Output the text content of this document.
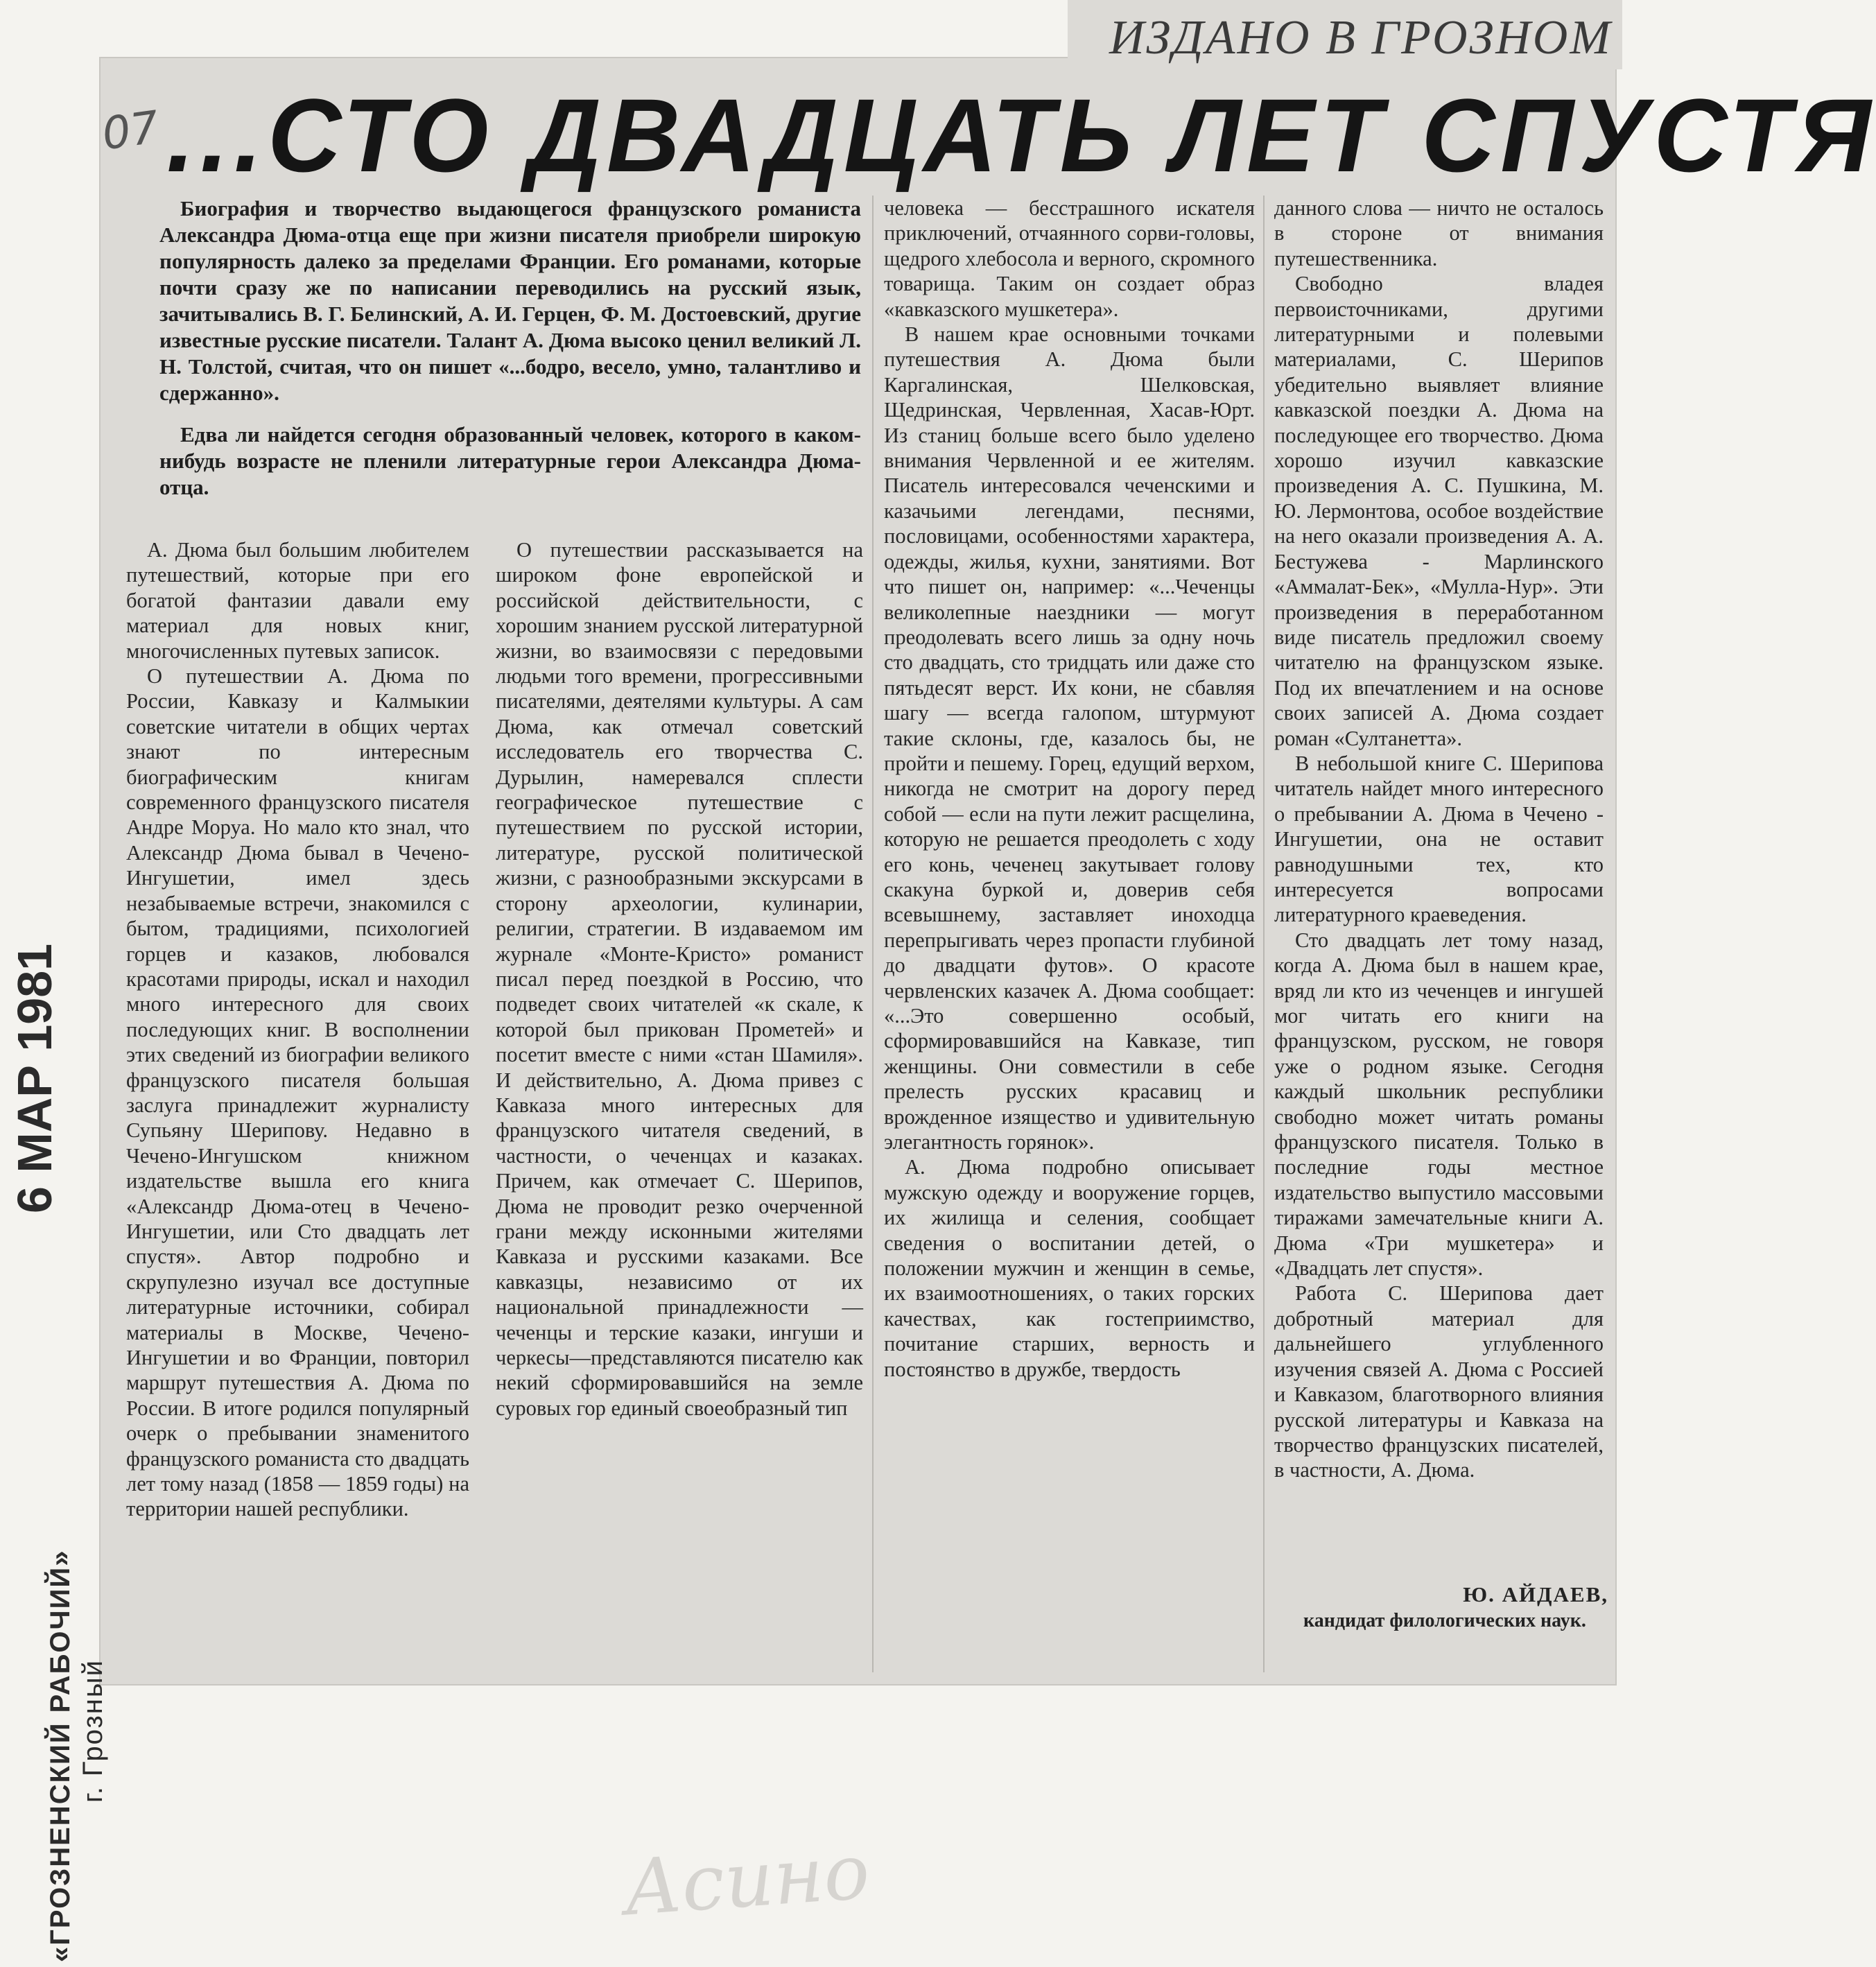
ИЗДАНО В ГРОЗНОМ
07 ...СТО ДВАДЦАТЬ ЛЕТ СПУСТЯ

Биография и творчество выдающегося французского романиста Александра Дюма-отца еще при жизни писателя приобрели широкую популярность далеко за пределами Франции. Его романами, которые почти сразу же по написании переводились на русский язык, зачитывались В. Г. Белинский, А. И. Герцен, Ф. М. Достоевский, другие известные русские писатели. Талант А. Дюма высоко ценил великий Л. Н. Толстой, считая, что он пишет «...бодро, весело, умно, талантливо и сдержанно».

Едва ли найдется сегодня образованный человек, которого в каком-нибудь возрасте не пленили литературные герои Александра Дюма-отца.

А. Дюма был большим любителем путешествий, которые при его богатой фантазии давали ему материал для новых книг, многочисленных путевых записок.

О путешествии А. Дюма по России, Кавказу и Калмыкии советские читатели в общих чертах знают по интересным биографическим книгам современного французского писателя Андре Моруа. Но мало кто знал, что Александр Дюма бывал в Чечено-Ингушетии, имел здесь незабываемые встречи, знакомился с бытом, традициями, психологией горцев и казаков, любовался красотами природы, искал и находил много интересного для своих последующих книг. В восполнении этих сведений из биографии великого французского писателя большая заслуга принадлежит журналисту Супьяну Шерипову. Недавно в Чечено-Ингушском книжном издательстве вышла его книга «Александр Дюма-отец в Чечено-Ингушетии, или Сто двадцать лет спустя». Автор подробно и скрупулезно изучал все доступные литературные источники, собирал материалы в Москве, Чечено-Ингушетии и во Франции, повторил маршрут путешествия А. Дюма по России. В итоге родился популярный очерк о пребывании знаменитого французского романиста сто двадцать лет тому назад (1858 — 1859 годы) на территории нашей республики.

О путешествии рассказывается на широком фоне европейской и российской действительности, с хорошим знанием русской литературной жизни, во взаимосвязи с передовыми людьми того времени, прогрессивными писателями, деятелями культуры. А сам Дюма, как отмечал советский исследователь его творчества С. Дурылин, намеревался сплести географическое путешествие с путешествием по русской истории, литературе, русской политической жизни, с разнообразными экскурсами в сторону археологии, кулинарии, религии, стратегии. В издаваемом им журнале «Монте-Кристо» романист писал перед поездкой в Россию, что подведет своих читателей «к скале, к которой был прикован Прометей» и посетит вместе с ними «стан Шамиля». И действительно, А. Дюма привез с Кавказа много интересных для французского читателя сведений, в частности, о чеченцах и казаках. Причем, как отмечает С. Шерипов, Дюма не проводит резко очерченной грани между исконными жителями Кавказа и русскими казаками. Все кавказцы, независимо от их национальной принадлежности — чеченцы и терские казаки, ингуши и черкесы—представляются писателю как некий сформировавшийся на земле суровых гор единый своеобразный тип

человека — бесстрашного искателя приключений, отчаянного сорви-головы, щедрого хлебосола и верного, скромного товарища. Таким он создает образ «кавказского мушкетера».

В нашем крае основными точками путешествия А. Дюма были Каргалинская, Шелковская, Щедринская, Червленная, Хасав-Юрт. Из станиц больше всего было уделено внимания Червленной и ее жителям. Писатель интересовался чеченскими и казачьими легендами, песнями, пословицами, особенностями характера, одежды, жилья, кухни, занятиями. Вот что пишет он, например: «...Чеченцы великолепные наездники — могут преодолевать всего лишь за одну ночь сто двадцать, сто тридцать или даже сто пятьдесят верст. Их кони, не сбавляя шагу — всегда галопом, штурмуют такие склоны, где, казалось бы, не пройти и пешему. Горец, едущий верхом, никогда не смотрит на дорогу перед собой — если на пути лежит расщелина, которую не решается преодолеть с ходу его конь, чеченец закутывает голову скакуна буркой и, доверив себя всевышнему, заставляет иноходца перепрыгивать через пропасти глубиной до двадцати футов». О красоте червленских казачек А. Дюма сообщает: «...Это совершенно особый, сформировавшийся на Кавказе, тип женщины. Они совместили в себе прелесть русских красавиц и врожденное изящество и удивительную элегантность горянок».

А. Дюма подробно описывает мужскую одежду и вооружение горцев, их жилища и селения, сообщает сведения о воспитании детей, о положении мужчин и женщин в семье, их взаимоотношениях, о таких горских качествах, как гостеприимство, почитание старших, верность и постоянство в дружбе, твердость

данного слова — ничто не осталось в стороне от внимания путешественника.

Свободно владея первоисточниками, другими литературными и полевыми материалами, С. Шерипов убедительно выявляет влияние кавказской поездки А. Дюма на последующее его творчество. Дюма хорошо изучил кавказские произведения А. С. Пушкина, М. Ю. Лермонтова, особое воздействие на него оказали произведения А. А. Бестужева - Марлинского «Аммалат-Бек», «Мулла-Нур». Эти произведения в переработанном виде писатель предложил своему читателю на французском языке. Под их впечатлением и на основе своих записей А. Дюма создает роман «Султанетта».

В небольшой книге С. Шерипова читатель найдет много интересного о пребывании А. Дюма в Чечено - Ингушетии, она не оставит равнодушными тех, кто интересуется вопросами литературного краеведения.

Сто двадцать лет тому назад, когда А. Дюма был в нашем крае, вряд ли кто из чеченцев и ингушей мог читать его книги на французском, русском, не говоря уже о родном языке. Сегодня каждый школьник республики свободно может читать романы французского писателя. Только в последние годы местное издательство выпустило массовыми тиражами замечательные книги А. Дюма «Три мушкетера» и «Двадцать лет спустя».

Работа С. Шерипова дает добротный материал для дальнейшего углубленного изучения связей А. Дюма с Россией и Кавказом, благотворного влияния русской литературы и Кавказа на творчество французских писателей, в частности, А. Дюма.

Ю. АЙДАЕВ,
кандидат филологических наук.
6 МАР 1981
«ГРОЗНЕНСКИЙ РАБОЧИЙ» г. Грозный
Асино
